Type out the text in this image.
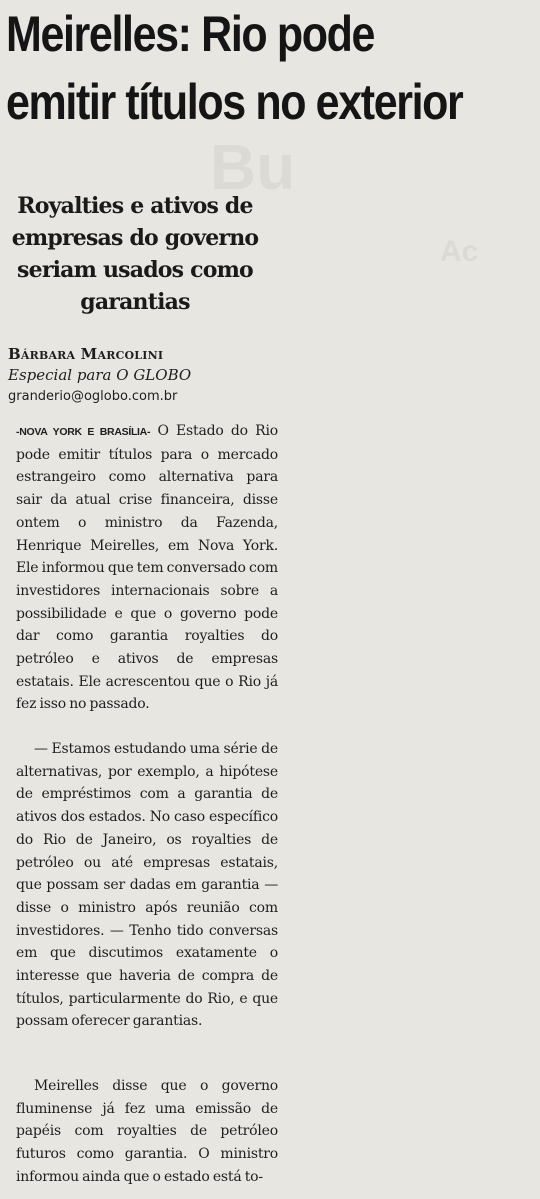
Bu
Ac
Meirelles: Rio pode
emitir títulos no exterior
Royalties e ativos de empresas do governo seriam usados como garantias
Bárbara Marcolini
Especial para O GLOBO
granderio@oglobo.com.br

-NOVA YORK E BRASÍLIA- O Estado do Rio pode emitir títulos para o mercado estrangeiro como alternativa para sair da atual crise financeira, disse ontem o ministro da Fazenda, Henrique Meirelles, em Nova York. Ele informou que tem conversado com investidores internacionais sobre a possibilidade e que o governo pode dar como garantia royalties do petróleo e ativos de empresas estatais. Ele acrescentou que o Rio já fez isso no passado.

— Estamos estudando uma série de alternativas, por exemplo, a hipótese de empréstimos com a garantia de ativos dos estados. No caso específico do Rio de Janeiro, os royalties de petróleo ou até empresas estatais, que possam ser dadas em garantia — disse o ministro após reunião com investidores. — Tenho tido conversas em que discutimos exatamente o interesse que haveria de compra de títulos, particularmente do Rio, e que possam oferecer garantias.

Meirelles disse que o governo fluminense já fez uma emissão de papéis com royalties de petróleo futuros como garantia. O ministro informou ainda que o estado está to-
